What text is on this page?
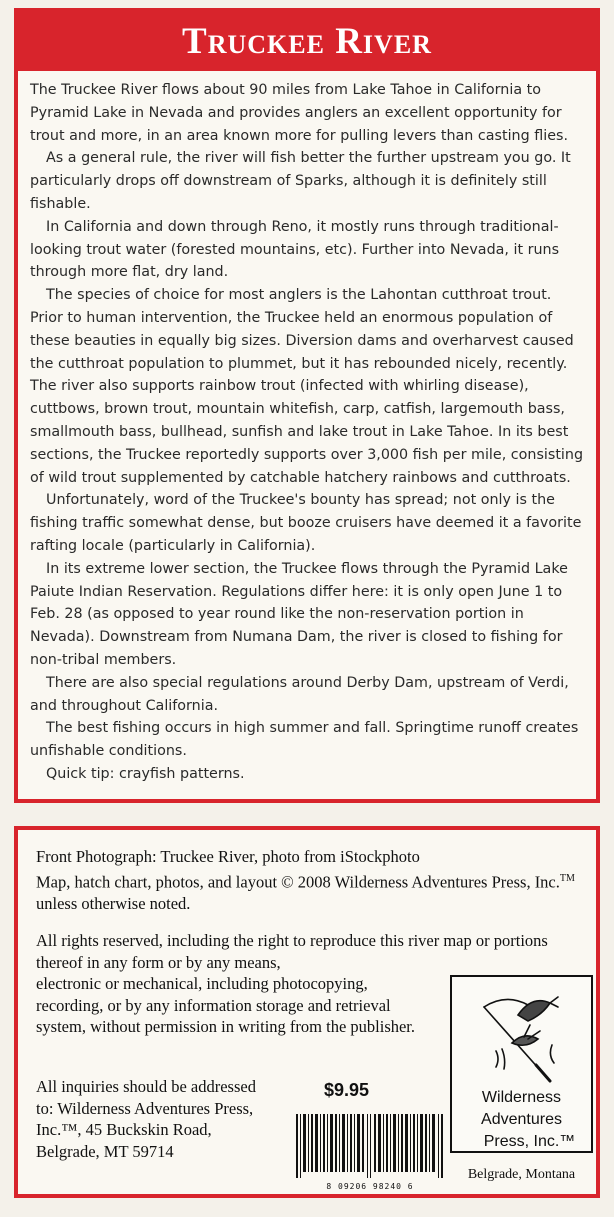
Truckee River

The Truckee River flows about 90 miles from Lake Tahoe in California to Pyramid Lake in Nevada and provides anglers an excellent opportunity for trout and more, in an area known more for pulling levers than casting flies.

As a general rule, the river will fish better the further upstream you go. It particularly drops off downstream of Sparks, although it is definitely still fishable.

In California and down through Reno, it mostly runs through traditional-looking trout water (forested mountains, etc). Further into Nevada, it runs through more flat, dry land.

The species of choice for most anglers is the Lahontan cutthroat trout. Prior to human intervention, the Truckee held an enormous population of these beauties in equally big sizes. Diversion dams and overharvest caused the cutthroat population to plummet, but it has rebounded nicely, recently. The river also supports rainbow trout (infected with whirling disease), cuttbows, brown trout, mountain whitefish, carp, catfish, largemouth bass, smallmouth bass, bullhead, sunfish and lake trout in Lake Tahoe. In its best sections, the Truckee reportedly supports over 3,000 fish per mile, consisting of wild trout supplemented by catchable hatchery rainbows and cutthroats.

Unfortunately, word of the Truckee's bounty has spread; not only is the fishing traffic somewhat dense, but booze cruisers have deemed it a favorite rafting locale (particularly in California).

In its extreme lower section, the Truckee flows through the Pyramid Lake Paiute Indian Reservation. Regulations differ here: it is only open June 1 to Feb. 28 (as opposed to year round like the non-reservation portion in Nevada). Downstream from Numana Dam, the river is closed to fishing for non-tribal members.

There are also special regulations around Derby Dam, upstream of Verdi, and throughout California.

The best fishing occurs in high summer and fall. Springtime runoff creates unfishable conditions.

Quick tip: crayfish patterns.

Front Photograph: Truckee River, photo from iStockphoto
Map, hatch chart, photos, and layout © 2008 Wilderness Adventures Press, Inc.™ unless otherwise noted.
All rights reserved, including the right to reproduce this river map or portions thereof in any form or by any means,
electronic or mechanical, including photocopying, recording, or by any information storage and retrieval system, without permission in writing from the publisher.
All inquiries should be addressed to: Wilderness Adventures Press, Inc.™, 45 Buckskin Road, Belgrade, MT 59714
$9.95
8 09206 98240 6
Wilderness
Adventures
Press, Inc.™
Belgrade, Montana
